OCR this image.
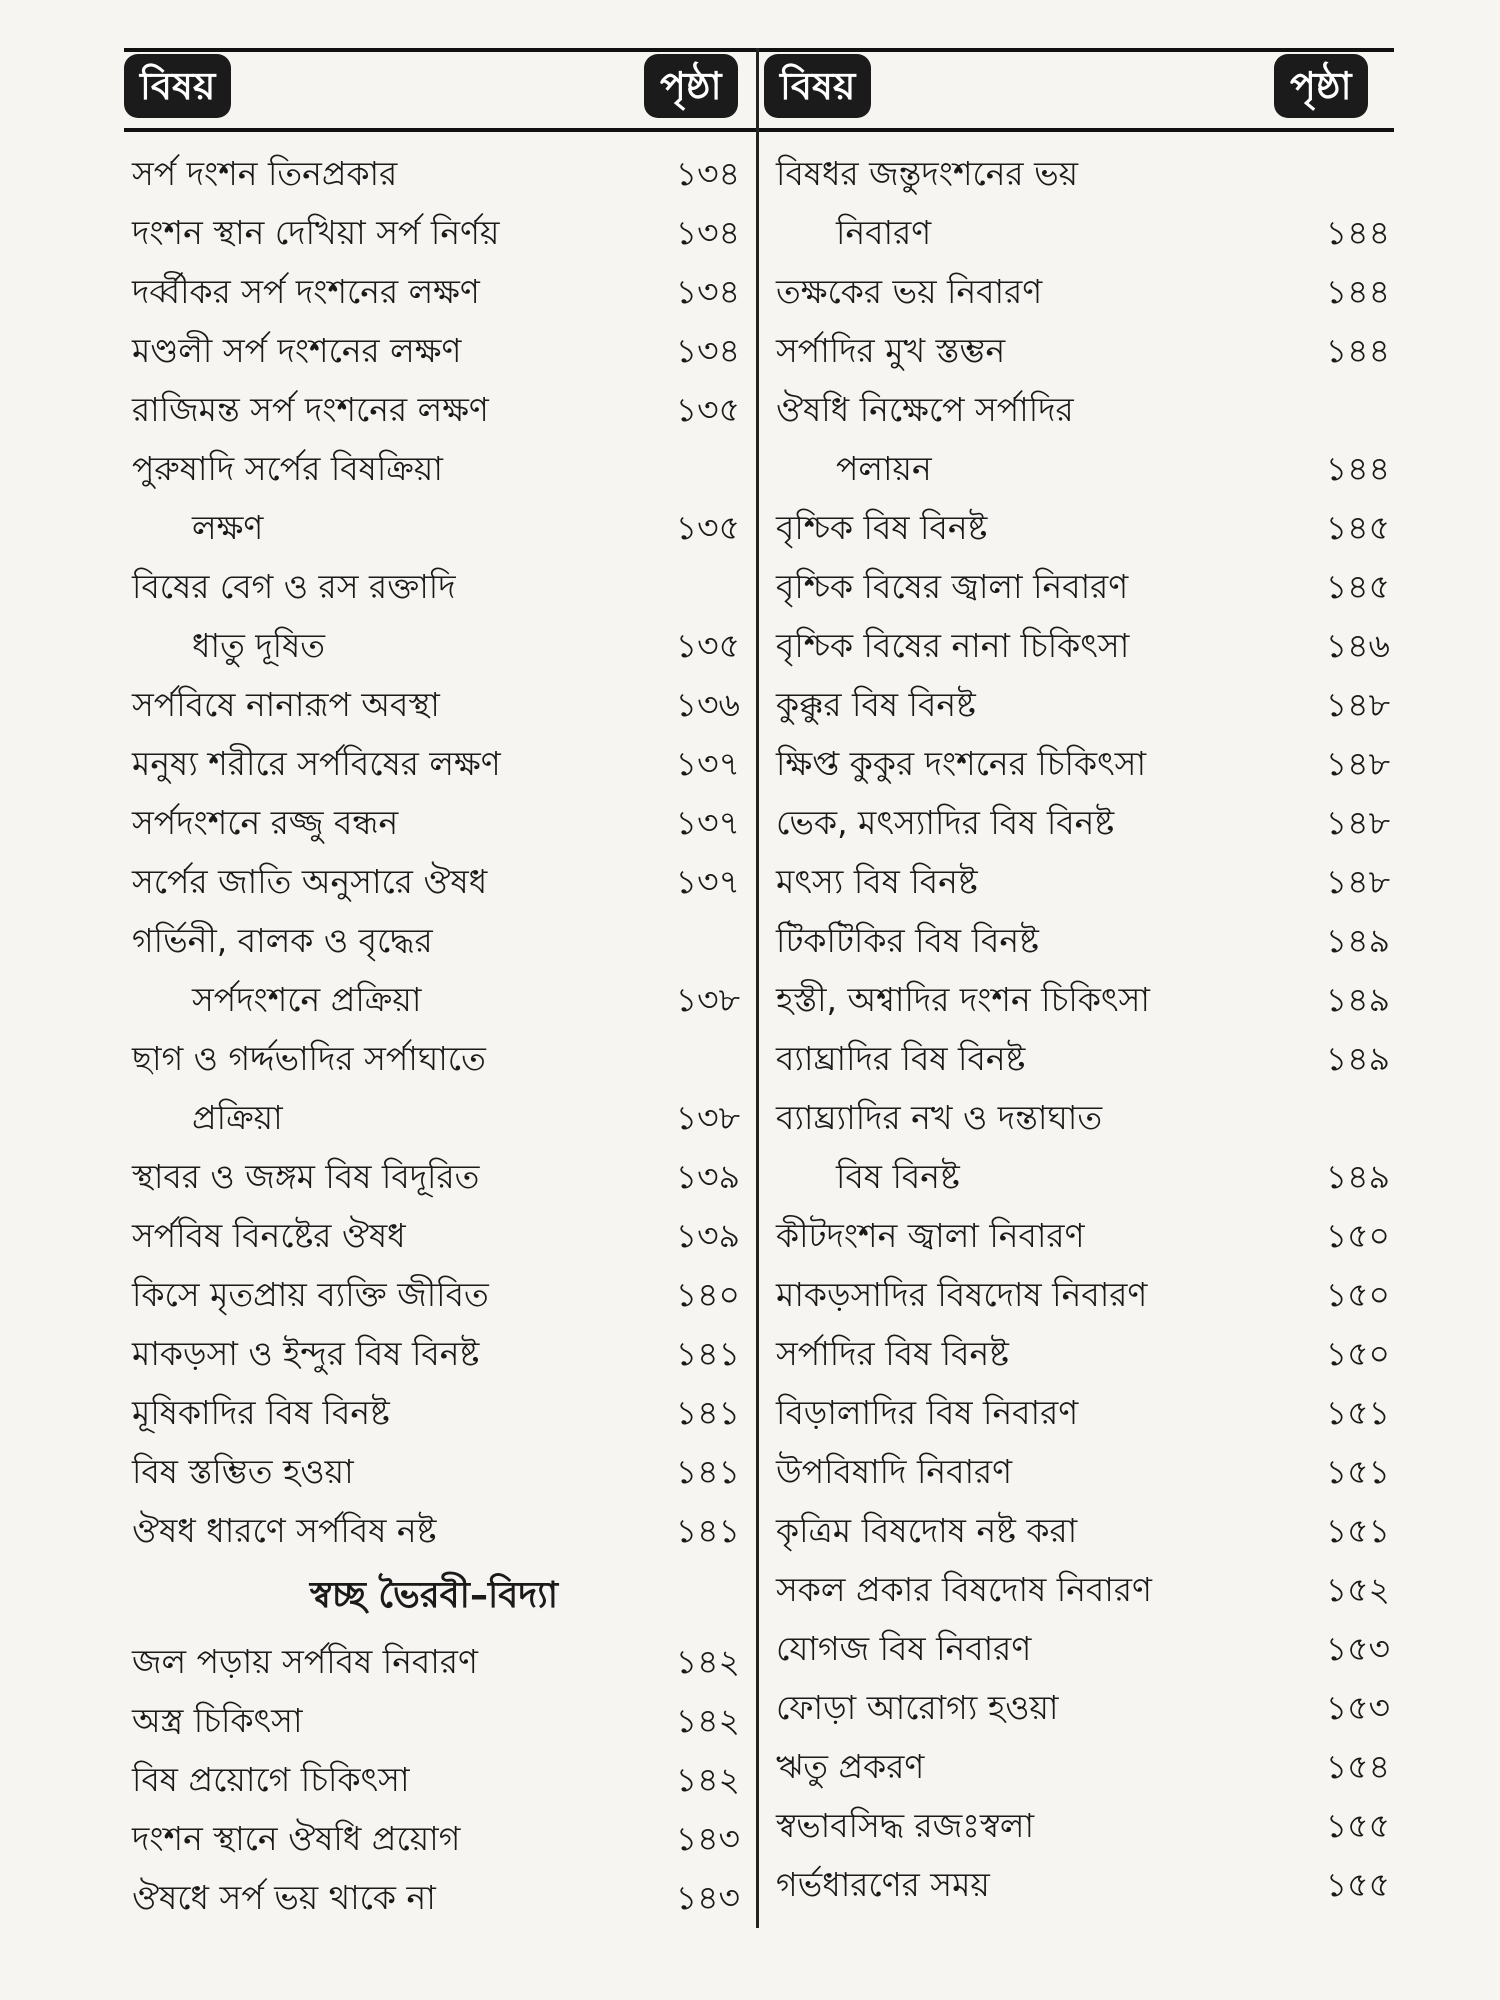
বিষয়	পৃষ্ঠা	বিষয়	পৃষ্ঠা
সর্প দংশন তিনপ্রকার	১৩৪
দংশন স্থান দেখিয়া সর্প নির্ণয়	১৩৪
দর্ব্বীকর সর্প দংশনের লক্ষণ	১৩৪
মণ্ডলী সর্প দংশনের লক্ষণ	১৩৪
রাজিমন্ত সর্প দংশনের লক্ষণ	১৩৫
পুরুষাদি সর্পের বিষক্রিয়া
লক্ষণ	১৩৫
বিষের বেগ ও রস রক্তাদি
ধাতু দূষিত	১৩৫
সর্পবিষে নানারূপ অবস্থা	১৩৬
মনুষ্য শরীরে সর্পবিষের লক্ষণ	১৩৭
সর্পদংশনে রজ্জু বন্ধন	১৩৭
সর্পের জাতি অনুসারে ঔষধ	১৩৭
গর্ভিনী, বালক ও বৃদ্ধের
সর্পদংশনে প্রক্রিয়া	১৩৮
ছাগ ও গর্দ্দভাদির সর্পাঘাতে
প্রক্রিয়া	১৩৮
স্থাবর ও জঙ্গম বিষ বিদূরিত	১৩৯
সর্পবিষ বিনষ্টের ঔষধ	১৩৯
কিসে মৃতপ্রায় ব্যক্তি জীবিত	১৪০
মাকড়সা ও ইন্দুর বিষ বিনষ্ট	১৪১
মূষিকাদির বিষ বিনষ্ট	১৪১
বিষ স্তম্ভিত হওয়া	১৪১
ঔষধ ধারণে সর্পবিষ নষ্ট	১৪১
স্বচ্ছ ভৈরবী–বিদ্যা
জল পড়ায় সর্পবিষ নিবারণ	১৪২
অস্ত্র চিকিৎসা	১৪২
বিষ প্রয়োগে চিকিৎসা	১৪২
দংশন স্থানে ঔষধি প্রয়োগ	১৪৩
ঔষধে সর্প ভয় থাকে না	১৪৩
বিষধর জন্তুদংশনের ভয়
নিবারণ	১৪৪
তক্ষকের ভয় নিবারণ	১৪৪
সর্পাদির মুখ স্তম্ভন	১৪৪
ঔষধি নিক্ষেপে সর্পাদির
পলায়ন	১৪৪
বৃশ্চিক বিষ বিনষ্ট	১৪৫
বৃশ্চিক বিষের জ্বালা নিবারণ	১৪৫
বৃশ্চিক বিষের নানা চিকিৎসা	১৪৬
কুক্কুর বিষ বিনষ্ট	১৪৮
ক্ষিপ্ত কুকুর দংশনের চিকিৎসা	১৪৮
ভেক, মৎস্যাদির বিষ বিনষ্ট	১৪৮
মৎস্য বিষ বিনষ্ট	১৪৮
টিকটিকির বিষ বিনষ্ট	১৪৯
হস্তী, অশ্বাদির দংশন চিকিৎসা	১৪৯
ব্যাঘ্রাদির বিষ বিনষ্ট	১৪৯
ব্যাঘ্র্যাদির নখ ও দন্তাঘাত
বিষ বিনষ্ট	১৪৯
কীটদংশন জ্বালা নিবারণ	১৫০
মাকড়সাদির বিষদোষ নিবারণ	১৫০
সর্পাদির বিষ বিনষ্ট	১৫০
বিড়ালাদির বিষ নিবারণ	১৫১
উপবিষাদি নিবারণ	১৫১
কৃত্রিম বিষদোষ নষ্ট করা	১৫১
সকল প্রকার বিষদোষ নিবারণ	১৫২
যোগজ বিষ নিবারণ	১৫৩
ফোড়া আরোগ্য হওয়া	১৫৩
ঋতু প্রকরণ	১৫৪
স্বভাবসিদ্ধ রজঃস্বলা	১৫৫
গর্ভধারণের সময়	১৫৫
